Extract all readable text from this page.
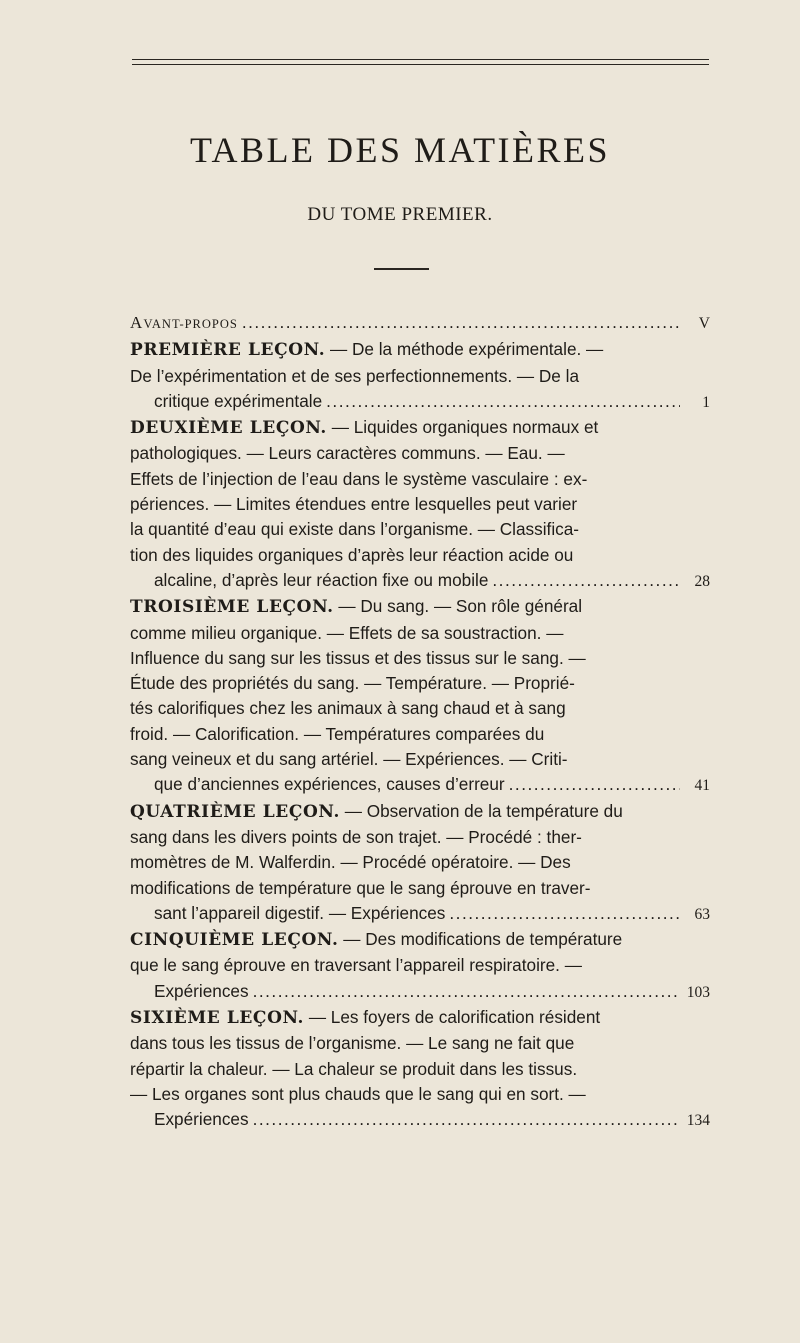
TABLE DES MATIÈRES
DU TOME PREMIER.
AVANT-PROPOS .....	V
PREMIÈRE LEÇON. — De la méthode expérimentale. —
De l’expérimentation et de ses perfectionnements. — De la
critique expérimentale .....	1
DEUXIÈME LEÇON. — Liquides organiques normaux et
pathologiques. — Leurs caractères communs. — Eau. —
Effets de l’injection de l’eau dans le système vasculaire : ex-
périences. — Limites étendues entre lesquelles peut varier
la quantité d’eau qui existe dans l’organisme. — Classifica-
tion des liquides organiques d’après leur réaction acide ou
alcaline, d’après leur réaction fixe ou mobile .....	28
TROISIÈME LEÇON. — Du sang. — Son rôle général
comme milieu organique. — Effets de sa soustraction. —
Influence du sang sur les tissus et des tissus sur le sang. —
Étude des propriétés du sang. — Température. — Proprié-
tés calorifiques chez les animaux à sang chaud et à sang
froid. — Calorification. — Températures comparées du
sang veineux et du sang artériel. — Expériences. — Criti-
que d’anciennes expériences, causes d’erreur .....	41
QUATRIÈME LEÇON. — Observation de la température du
sang dans les divers points de son trajet. — Procédé : ther-
momètres de M. Walferdin. — Procédé opératoire. — Des
modifications de température que le sang éprouve en traver-
sant l’appareil digestif. — Expériences .....	63
CINQUIÈME LEÇON. — Des modifications de température
que le sang éprouve en traversant l’appareil respiratoire. —
Expériences .....	103
SIXIÈME LEÇON. — Les foyers de calorification résident
dans tous les tissus de l’organisme. — Le sang ne fait que
répartir la chaleur. — La chaleur se produit dans les tissus.
— Les organes sont plus chauds que le sang qui en sort. —
Expériences .....	134
